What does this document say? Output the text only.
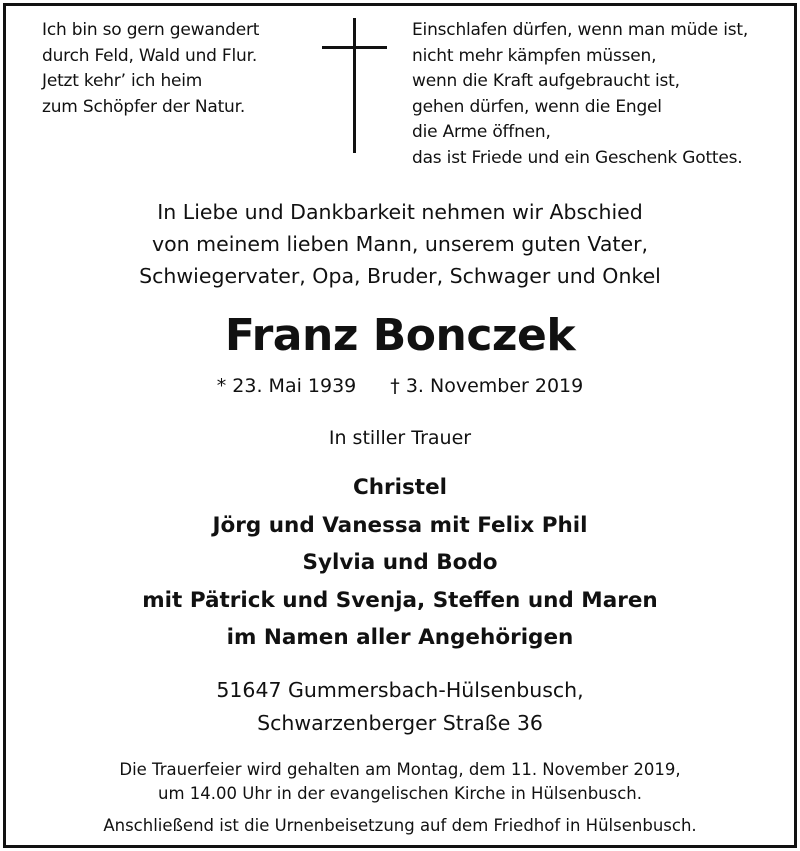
Ich bin so gern gewandert
durch Feld, Wald und Flur.
Jetzt kehr’ ich heim
zum Schöpfer der Natur.
Einschlafen dürfen, wenn man müde ist,
nicht mehr kämpfen müssen,
wenn die Kraft aufgebraucht ist,
gehen dürfen, wenn die Engel
die Arme öffnen,
das ist Friede und ein Geschenk Gottes.
In Liebe und Dankbarkeit nehmen wir Abschied
von meinem lieben Mann, unserem guten Vater,
Schwiegervater, Opa, Bruder, Schwager und Onkel
Franz Bonczek
* 23. Mai 1939 † 3. November 2019
In stiller Trauer
Christel
Jörg und Vanessa mit Felix Phil
Sylvia und Bodo
mit Pätrick und Svenja, Steffen und Maren
im Namen aller Angehörigen
51647 Gummersbach-Hülsenbusch,
Schwarzenberger Straße 36
Die Trauerfeier wird gehalten am Montag, dem 11. November 2019,
um 14.00 Uhr in der evangelischen Kirche in Hülsenbusch.
Anschließend ist die Urnenbeisetzung auf dem Friedhof in Hülsenbusch.
